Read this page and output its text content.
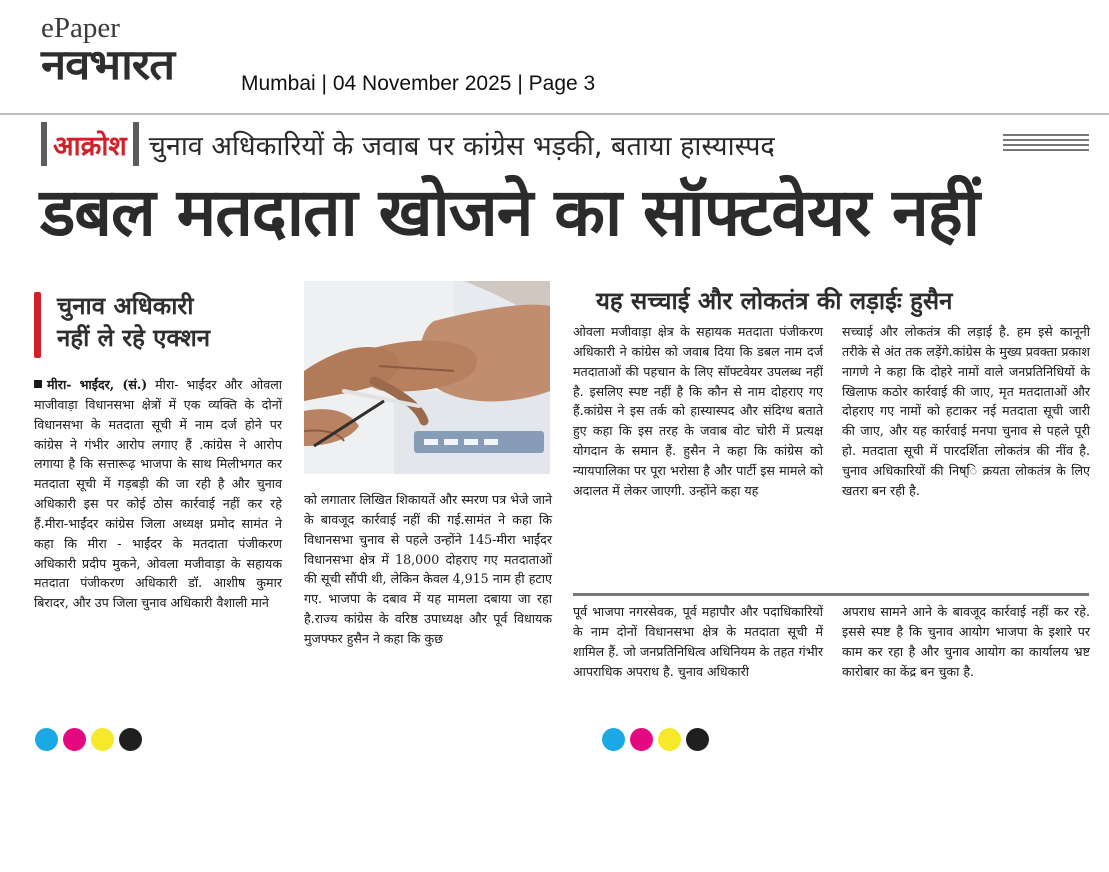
ePaper
नवभारत	Mumbai | 04 November 2025 | Page 3
आक्रोश चुनाव अधिकारियों के जवाब पर कांग्रेस भड़की, बताया हास्यास्पद
डबल मतदाता खोजने का सॉफ्टवेयर नहीं
चुनाव अधिकारी
नहीं ले रहे एक्शन

मीरा- भाईंदर, (सं.) मीरा- भाईंदर और ओवला माजीवाड़ा विधानसभा क्षेत्रों में एक व्यक्ति के दोनों विधानसभा के मतदाता सूची में नाम दर्ज होने पर कांग्रेस ने गंभीर आरोप लगाए हैं .कांग्रेस ने आरोप लगाया है कि सत्तारूढ़ भाजपा के साथ मिलीभगत कर मतदाता सूची में गड़बड़ी की जा रही है और चुनाव अधिकारी इस पर कोई ठोस कार्रवाई नहीं कर रहे हैं.मीरा-भाईंदर कांग्रेस जिला अध्यक्ष प्रमोद सामंत ने कहा कि मीरा - भाईंदर के मतदाता पंजीकरण अधिकारी प्रदीप मुकने, ओवला मजीवाड़ा के सहायक मतदाता पंजीकरण अधिकारी डॉ. आशीष कुमार बिरादर, और उप जिला चुनाव अधिकारी वैशाली माने

को लगातार लिखित शिकायतें और स्मरण पत्र भेजे जाने के बावजूद कार्रवाई नहीं की गई.सामंत ने कहा कि विधानसभा चुनाव से पहले उन्होंने 145-मीरा भाईंदर विधानसभा क्षेत्र में 18,000 दोहराए गए मतदाताओं की सूची सौंपी थी, लेकिन केवल 4,915 नाम ही हटाए गए. भाजपा के दबाव में यह मामला दबाया जा रहा है.राज्य कांग्रेस के वरिष्ठ उपाध्यक्ष और पूर्व विधायक मुजफ्फर हुसैन ने कहा कि कुछ

यह सच्चाई और लोकतंत्र की लड़ाईः हुसैन

ओवला मजीवाड़ा क्षेत्र के सहायक मतदाता पंजीकरण अधिकारी ने कांग्रेस को जवाब दिया कि डबल नाम दर्ज मतदाताओं की पहचान के लिए सॉफ्टवेयर उपलब्ध नहीं है. इसलिए स्पष्ट नहीं है कि कौन से नाम दोहराए गए हैं.कांग्रेस ने इस तर्क को हास्यास्पद और संदिग्ध बताते हुए कहा कि इस तरह के जवाब वोट चोरी में प्रत्यक्ष योगदान के समान हैं. हुसैन ने कहा कि कांग्रेस को न्यायपालिका पर पूरा भरोसा है और पार्टी इस मामले को अदालत में लेकर जाएगी. उन्होंने कहा यह

सच्चाई और लोकतंत्र की लड़ाई है. हम इसे कानूनी तरीके से अंत तक लड़ेंगे.कांग्रेस के मुख्य प्रवक्ता प्रकाश नागणे ने कहा कि दोहरे नामों वाले जनप्रतिनिधियों के खिलाफ कठोर कार्रवाई की जाए, मृत मतदाताओं और दोहराए गए नामों को हटाकर नई मतदाता सूची जारी की जाए, और यह कार्रवाई मनपा चुनाव से पहले पूरी हो. मतदाता सूची में पारदर्शिता लोकतंत्र की नींव है. चुनाव अधिकारियों की निष्ि क्रयता लोकतंत्र के लिए खतरा बन रही है.

पूर्व भाजपा नगरसेवक, पूर्व महापौर और पदाधिकारियों के नाम दोनों विधानसभा क्षेत्र के मतदाता सूची में शामिल हैं. जो जनप्रतिनिधित्व अधिनियम के तहत गंभीर आपराधिक अपराध है. चुनाव अधिकारी

अपराध सामने आने के बावजूद कार्रवाई नहीं कर रहे. इससे स्पष्ट है कि चुनाव आयोग भाजपा के इशारे पर काम कर रहा है और चुनाव आयोग का कार्यालय भ्रष्ट कारोबार का केंद्र बन चुका है.
